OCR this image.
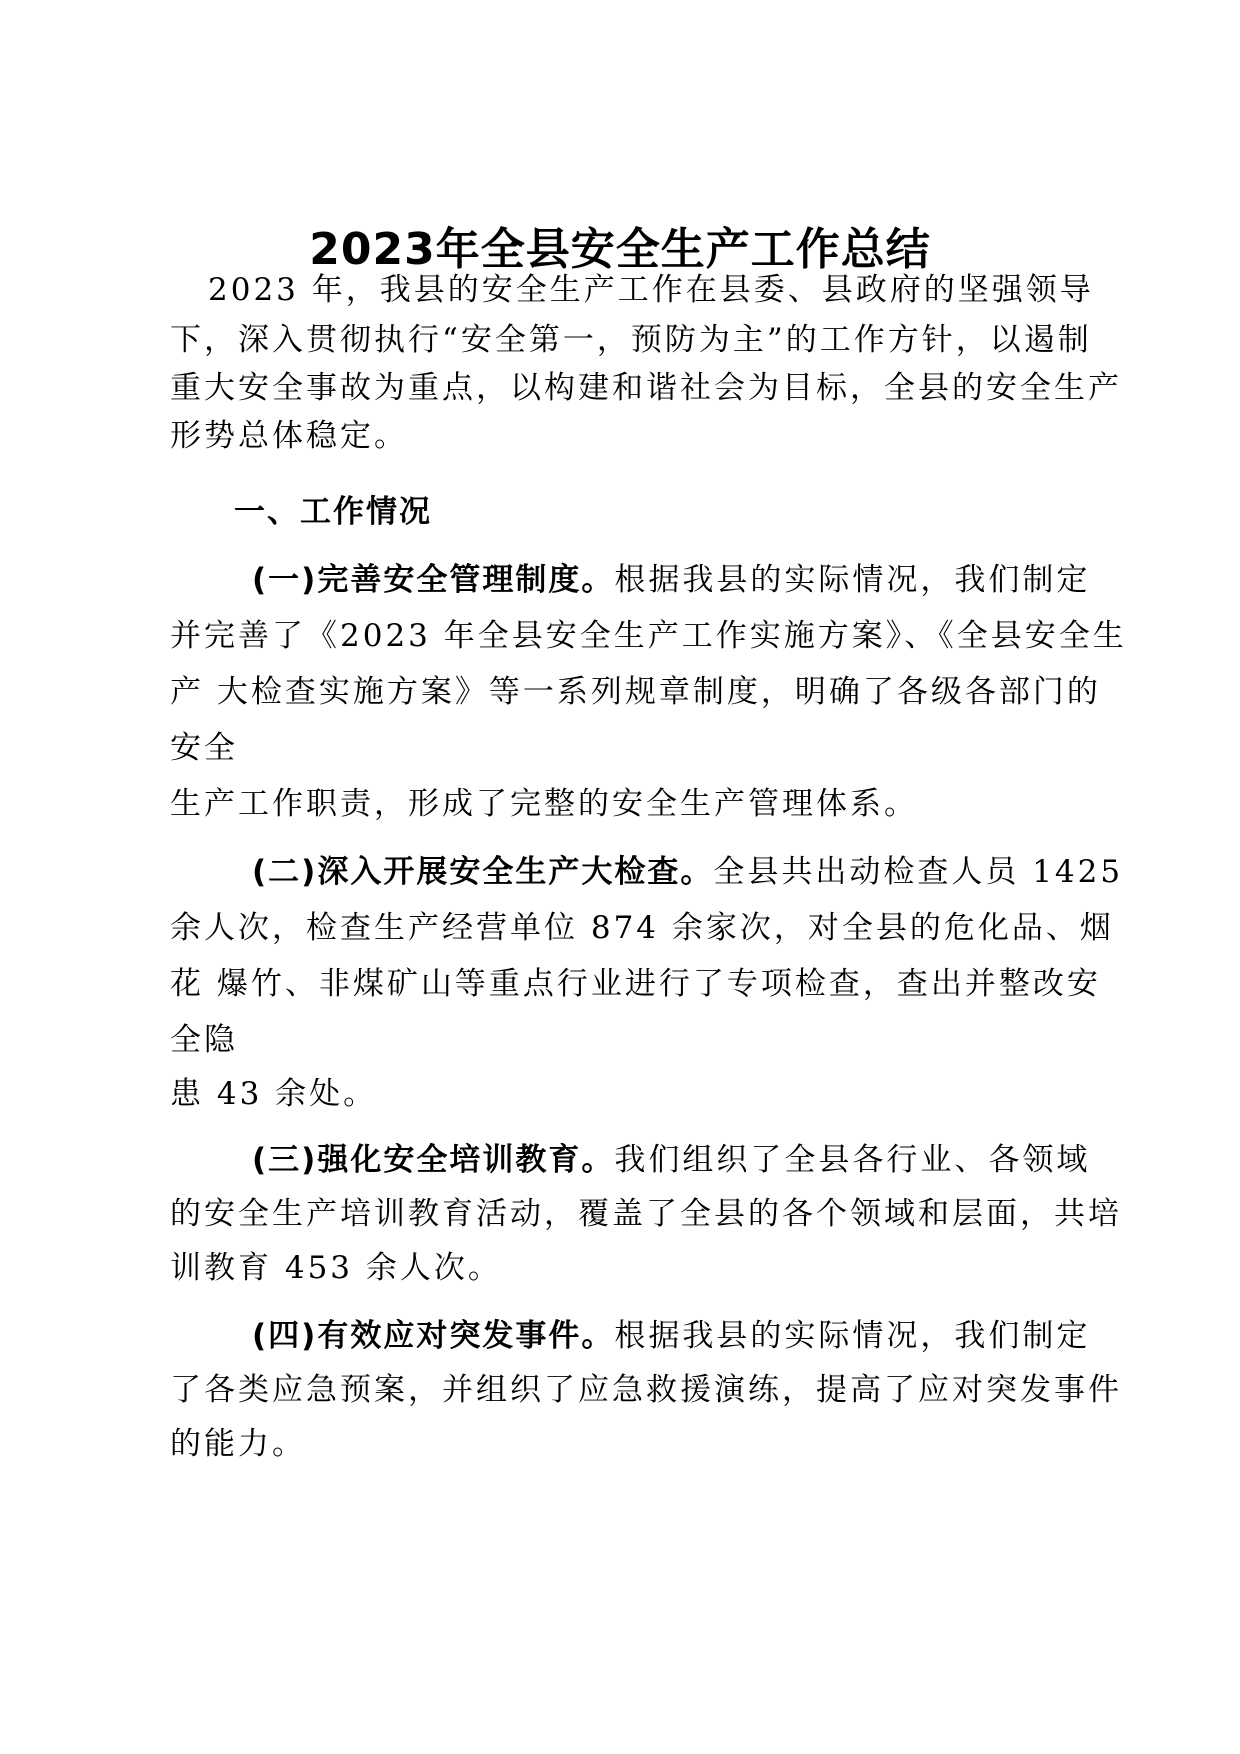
2023年全县安全生产工作总结
2023 年，我县的安全生产工作在县委、县政府的坚强领导
下，深入贯彻执行“安全第一，预防为主”的工作方针，以遏制
重大安全事故为重点，以构建和谐社会为目标，全县的安全生产
形势总体稳定。
一、工作情况
(一)完善安全管理制度。根据我县的实际情况，我们制定
并完善了《2023 年全县安全生产工作实施方案》、《全县安全生
产 大检查实施方案》等一系列规章制度，明确了各级各部门的
安全
生产工作职责，形成了完整的安全生产管理体系。
(二)深入开展安全生产大检查。全县共出动检查人员 1425
余人次，检查生产经营单位 874 余家次，对全县的危化品、烟
花 爆竹、非煤矿山等重点行业进行了专项检查，查出并整改安
全隐
患 43 余处。
(三)强化安全培训教育。我们组织了全县各行业、各领域
的安全生产培训教育活动，覆盖了全县的各个领域和层面，共培
训教育 453 余人次。
(四)有效应对突发事件。根据我县的实际情况，我们制定
了各类应急预案，并组织了应急救援演练，提高了应对突发事件
的能力。
